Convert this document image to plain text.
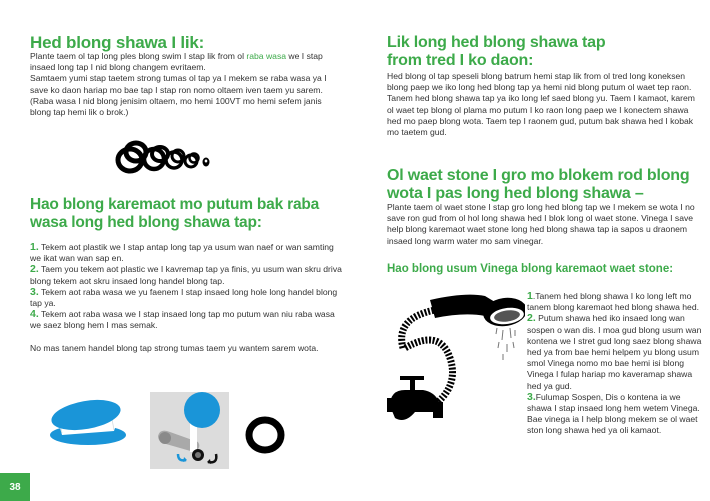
Hed blong shawa I lik:

Plante taem ol tap long ples blong swim I stap lik from ol raba wasa we I stap insaed long tap I nid blong changem evritaem.

Samtaem yumi stap taetem strong tumas ol tap ya I mekem se raba wasa ya I save ko daon hariap mo bae tap I stap ron nomo oltaem iven taem yu sarem.

(Raba wasa I nid blong jenisim oltaem, mo hemi 100VT mo hemi sefem janis blong tap hemi lik o brok.)

Hao blong karemaot mo putum bak raba wasa long hed blong shawa tap:

1. Tekem aot plastik we I stap antap long tap ya usum wan naef or wan samting we ikat wan wan sap en.

2. Taem you tekem aot plastic we I kavremap tap ya finis, yu usum wan skru driva blong tekem aot skru insaed long handel blong tap.

3. Tekem aot raba wasa we yu faenem I stap insaed long hole long handel blong tap ya.

4. Tekem aot raba wasa we I stap insaed long tap mo putum wan niu raba wasa we saez blong hem I mas semak.

No mas tanem handel blong tap strong tumas taem yu wantem sarem wota.

38
Lik long hed blong shawa tap
from tred I ko daon:
Hed blong ol tap speseli blong batrum hemi stap lik from ol tred long koneksen blong paep we iko long hed blong tap ya hemi nid blong putum ol waet tep raon. Tanem hed blong shawa tap ya iko long lef saed blong yu. Taem I kamaot, karem ol waet tep blong ol plama mo putum I ko raon long paep we I konectem shawa hed mo paep blong wota. Taem tep I raonem gud, putum bak shawa hed I kobak mo taetem gud.
Ol waet stone I gro mo blokem rod blong
wota I pas long hed blong shawa –
Plante taem ol waet stone I stap gro long hed blong tap we I mekem se wota I no save ron gud from ol hol long shawa hed I blok long ol waet stone. Vinega I save help blong karemaot waet stone long hed blong shawa tap ia sapos u draonem insaed long warm water mo sam vinegar.
Hao blong usum Vinega blong karemaot waet stone:

1.Tanem hed blong shawa I ko long left mo tanem blong karemaot hed blong shawa hed.

2. Putum shawa hed iko insaed long wan sospen o wan dis. I moa gud blong usum wan kontena we I stret gud long saez blong shawa hed ya from bae hemi helpem yu blong usum smol Vinega nomo mo bae hemi isi blong Vinega I fulap hariap mo kaveramap shawa hed ya gud.

3.Fulumap Sospen, Dis o kontena ia we shawa I stap insaed long hem wetem Vinega. Bae vinega ia I help blong mekem se ol waet ston long shawa hed ya oli kamaot.
